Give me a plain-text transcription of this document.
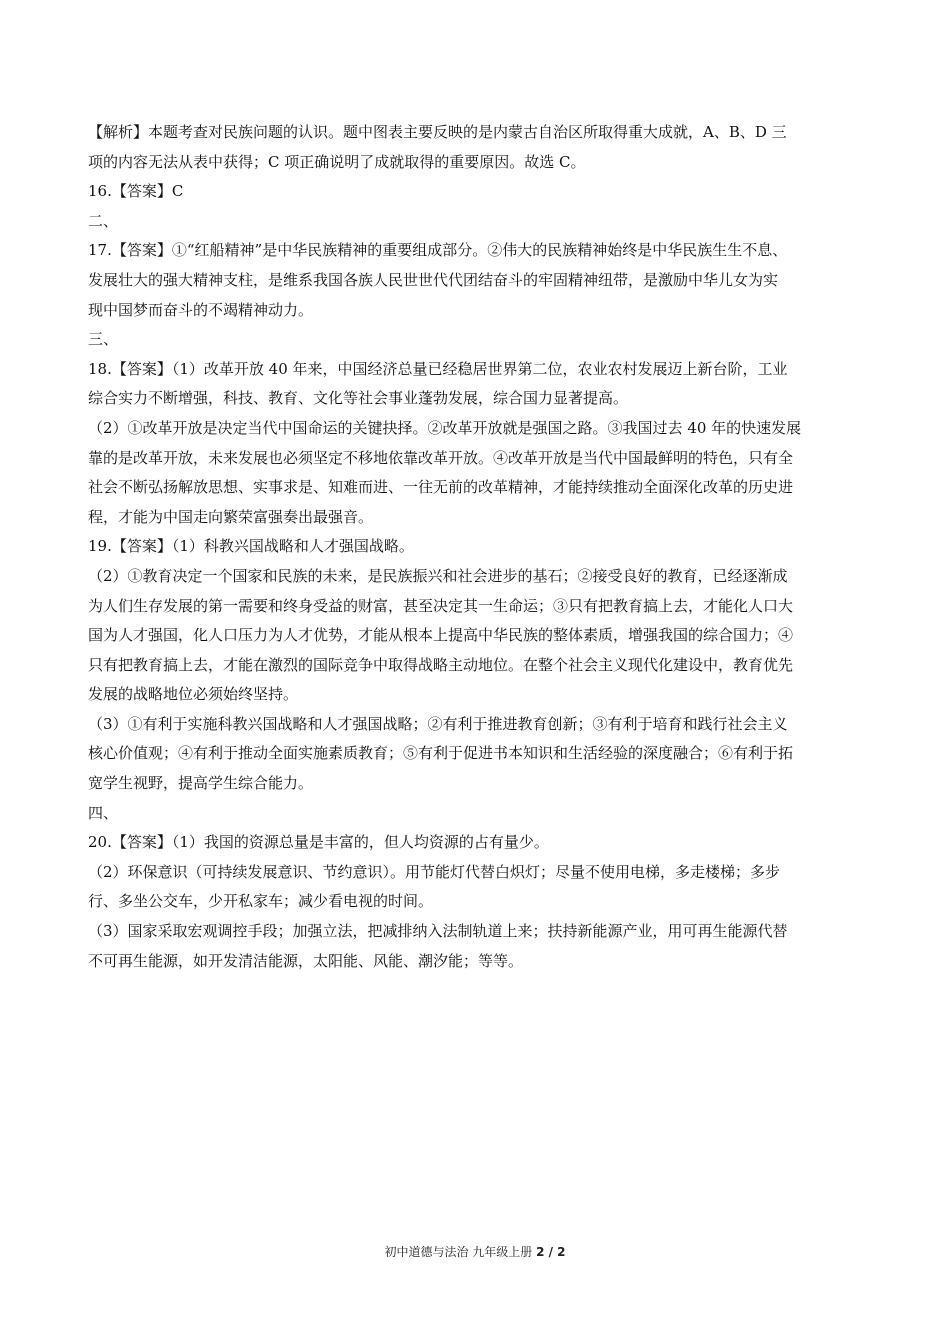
【解析】本题考查对民族问题的认识。题中图表主要反映的是内蒙古自治区所取得重大成就，A、B、D 三
项的内容无法从表中获得；C 项正确说明了成就取得的重要原因。故选 C。
16.【答案】C
二、
17.【答案】①“红船精神”是中华民族精神的重要组成部分。②伟大的民族精神始终是中华民族生生不息、
发展壮大的强大精神支柱，是维系我国各族人民世世代代团结奋斗的牢固精神纽带，是激励中华儿女为实
现中国梦而奋斗的不竭精神动力。
三、
18.【答案】（1）改革开放 40 年来，中国经济总量已经稳居世界第二位，农业农村发展迈上新台阶，工业
综合实力不断增强，科技、教育、文化等社会事业蓬勃发展，综合国力显著提高。
（2）①改革开放是决定当代中国命运的关键抉择。②改革开放就是强国之路。③我国过去 40 年的快速发展
靠的是改革开放，未来发展也必须坚定不移地依靠改革开放。④改革开放是当代中国最鲜明的特色，只有全
社会不断弘扬解放思想、实事求是、知难而进、一往无前的改革精神，才能持续推动全面深化改革的历史进
程，才能为中国走向繁荣富强奏出最强音。
19.【答案】（1）科教兴国战略和人才强国战略。
（2）①教育决定一个国家和民族的未来，是民族振兴和社会进步的基石；②接受良好的教育，已经逐渐成
为人们生存发展的第一需要和终身受益的财富，甚至决定其一生命运；③只有把教育搞上去，才能化人口大
国为人才强国，化人口压力为人才优势，才能从根本上提高中华民族的整体素质，增强我国的综合国力；④
只有把教育搞上去，才能在激烈的国际竞争中取得战略主动地位。在整个社会主义现代化建设中，教育优先
发展的战略地位必须始终坚持。
（3）①有利于实施科教兴国战略和人才强国战略；②有利于推进教育创新；③有利于培育和践行社会主义
核心价值观；④有利于推动全面实施素质教育；⑤有利于促进书本知识和生活经验的深度融合；⑥有利于拓
宽学生视野，提高学生综合能力。
四、
20.【答案】（1）我国的资源总量是丰富的，但人均资源的占有量少。
（2）环保意识（可持续发展意识、节约意识）。用节能灯代替白炽灯；尽量不使用电梯，多走楼梯；多步
行、多坐公交车，少开私家车；减少看电视的时间。
（3）国家采取宏观调控手段；加强立法，把减排纳入法制轨道上来；扶持新能源产业，用可再生能源代替
不可再生能源，如开发清洁能源，太阳能、风能、潮汐能；等等。
初中道德与法治 九年级上册 2 / 2
